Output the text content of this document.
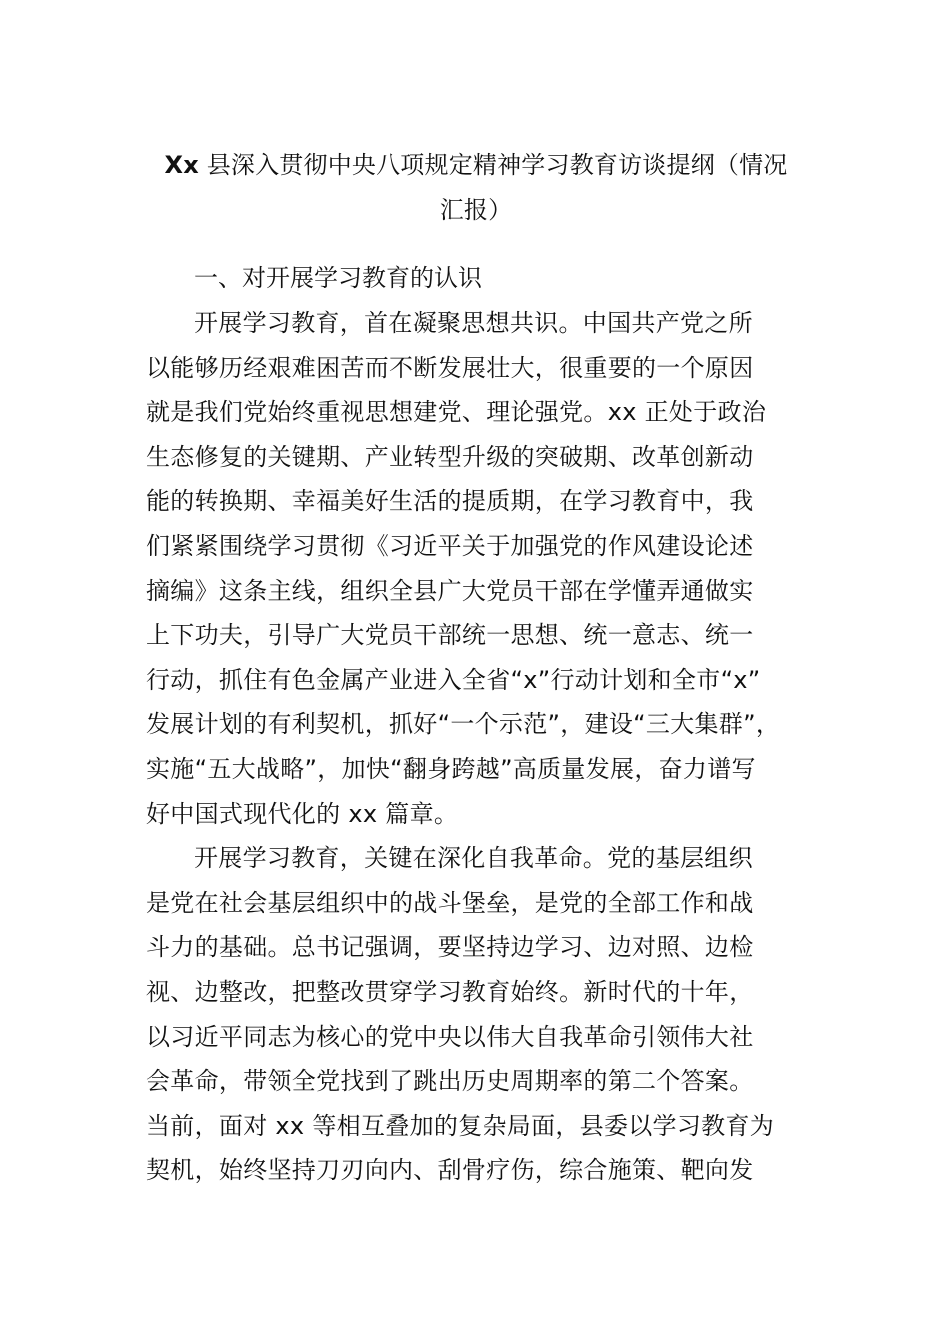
Xx 县深入贯彻中央八项规定精神学习教育访谈提纲（情况
汇报）
一、对开展学习教育的认识
开展学习教育，首在凝聚思想共识。中国共产党之所
以能够历经艰难困苦而不断发展壮大，很重要的一个原因
就是我们党始终重视思想建党、理论强党。xx 正处于政治
生态修复的关键期、产业转型升级的突破期、改革创新动
能的转换期、幸福美好生活的提质期，在学习教育中，我
们紧紧围绕学习贯彻《习近平关于加强党的作风建设论述
摘编》这条主线，组织全县广大党员干部在学懂弄通做实
上下功夫，引导广大党员干部统一思想、统一意志、统一
行动，抓住有色金属产业进入全省“x”行动计划和全市“x”
发展计划的有利契机，抓好“一个示范”，建设“三大集群”，
实施“五大战略”，加快“翻身跨越”高质量发展，奋力谱写
好中国式现代化的 xx 篇章。
开展学习教育，关键在深化自我革命。党的基层组织
是党在社会基层组织中的战斗堡垒，是党的全部工作和战
斗力的基础。总书记强调，要坚持边学习、边对照、边检
视、边整改，把整改贯穿学习教育始终。新时代的十年，
以习近平同志为核心的党中央以伟大自我革命引领伟大社
会革命，带领全党找到了跳出历史周期率的第二个答案。
当前，面对 xx 等相互叠加的复杂局面，县委以学习教育为
契机，始终坚持刀刃向内、刮骨疗伤，综合施策、靶向发
